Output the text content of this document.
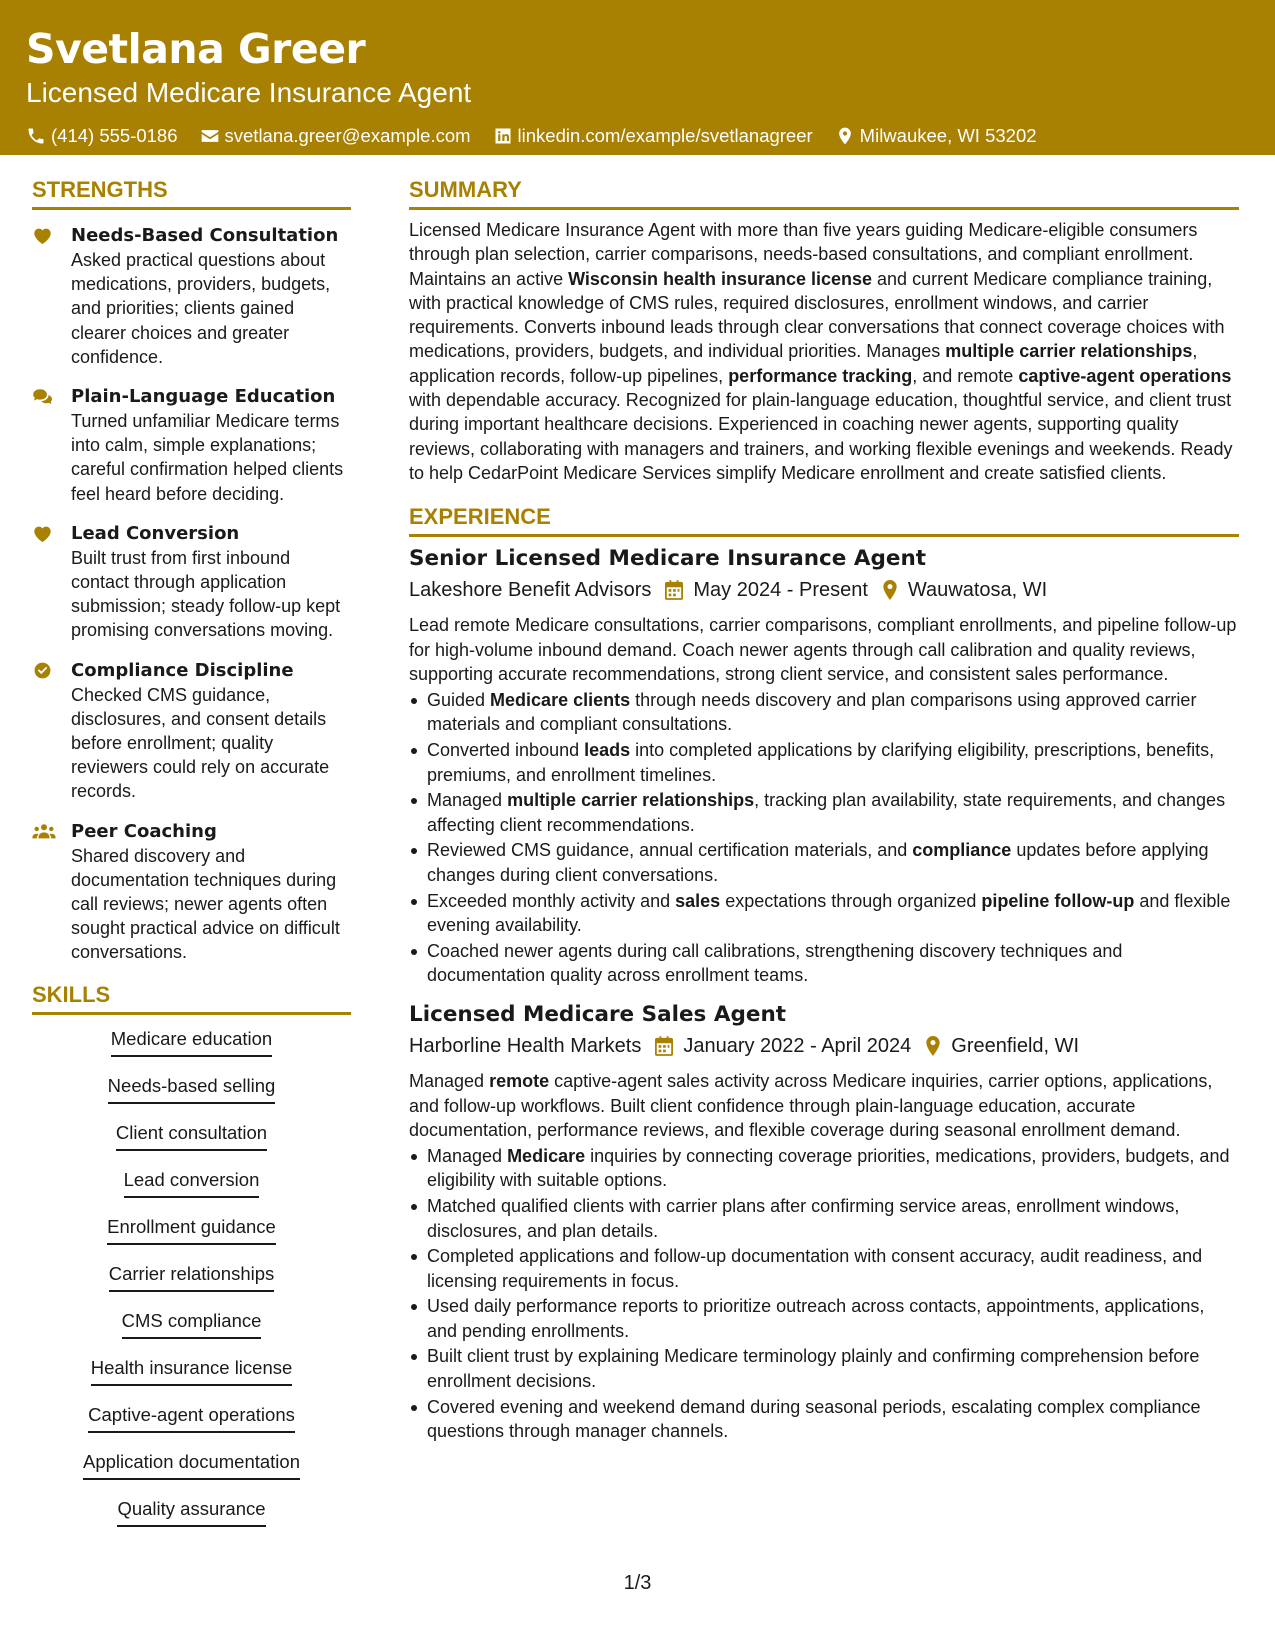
Svetlana Greer
Licensed Medicare Insurance Agent
(414) 555-0186	svetlana.greer@example.com	linkedin.com/example/svetlanagreer	Milwaukee, WI 53202
STRENGTHS
Needs-Based Consultation
Asked practical questions about medications, providers, budgets, and priorities; clients gained clearer choices and greater confidence.
Plain-Language Education
Turned unfamiliar Medicare terms into calm, simple explanations; careful confirmation helped clients feel heard before deciding.
Lead Conversion
Built trust from first inbound contact through application submission; steady follow-up kept promising conversations moving.
Compliance Discipline
Checked CMS guidance, disclosures, and consent details before enrollment; quality reviewers could rely on accurate records.
Peer Coaching
Shared discovery and documentation techniques during call reviews; newer agents often sought practical advice on difficult conversations.
SKILLS
Medicare education
Needs-based selling
Client consultation
Lead conversion
Enrollment guidance
Carrier relationships
CMS compliance
Health insurance license
Captive-agent operations
Application documentation
Quality assurance
SUMMARY
Licensed Medicare Insurance Agent with more than five years guiding Medicare-eligible consumers through plan selection, carrier comparisons, needs-based consultations, and compliant enrollment. Maintains an active Wisconsin health insurance license and current Medicare compliance training, with practical knowledge of CMS rules, required disclosures, enrollment windows, and carrier requirements. Converts inbound leads through clear conversations that connect coverage choices with medications, providers, budgets, and individual priorities. Manages multiple carrier relationships, application records, follow-up pipelines, performance tracking, and remote captive-agent operations with dependable accuracy. Recognized for plain-language education, thoughtful service, and client trust during important healthcare decisions. Experienced in coaching newer agents, supporting quality reviews, collaborating with managers and trainers, and working flexible evenings and weekends. Ready to help CedarPoint Medicare Services simplify Medicare enrollment and create satisfied clients.
EXPERIENCE
Senior Licensed Medicare Insurance Agent
Lakeshore Benefit Advisors May 2024 - Present Wauwatosa, WI
Lead remote Medicare consultations, carrier comparisons, compliant enrollments, and pipeline follow-up for high-volume inbound demand. Coach newer agents through call calibration and quality reviews, supporting accurate recommendations, strong client service, and consistent sales performance.
Guided Medicare clients through needs discovery and plan comparisons using approved carrier materials and compliant consultations.
Converted inbound leads into completed applications by clarifying eligibility, prescriptions, benefits, premiums, and enrollment timelines.
Managed multiple carrier relationships, tracking plan availability, state requirements, and changes affecting client recommendations.
Reviewed CMS guidance, annual certification materials, and compliance updates before applying changes during client conversations.
Exceeded monthly activity and sales expectations through organized pipeline follow-up and flexible evening availability.
Coached newer agents during call calibrations, strengthening discovery techniques and documentation quality across enrollment teams.
Licensed Medicare Sales Agent
Harborline Health Markets January 2022 - April 2024 Greenfield, WI
Managed remote captive-agent sales activity across Medicare inquiries, carrier options, applications, and follow-up workflows. Built client confidence through plain-language education, accurate documentation, performance reviews, and flexible coverage during seasonal enrollment demand.
Managed Medicare inquiries by connecting coverage priorities, medications, providers, budgets, and eligibility with suitable options.
Matched qualified clients with carrier plans after confirming service areas, enrollment windows, disclosures, and plan details.
Completed applications and follow-up documentation with consent accuracy, audit readiness, and licensing requirements in focus.
Used daily performance reports to prioritize outreach across contacts, appointments, applications, and pending enrollments.
Built client trust by explaining Medicare terminology plainly and confirming comprehension before enrollment decisions.
Covered evening and weekend demand during seasonal periods, escalating complex compliance questions through manager channels.
1/3
